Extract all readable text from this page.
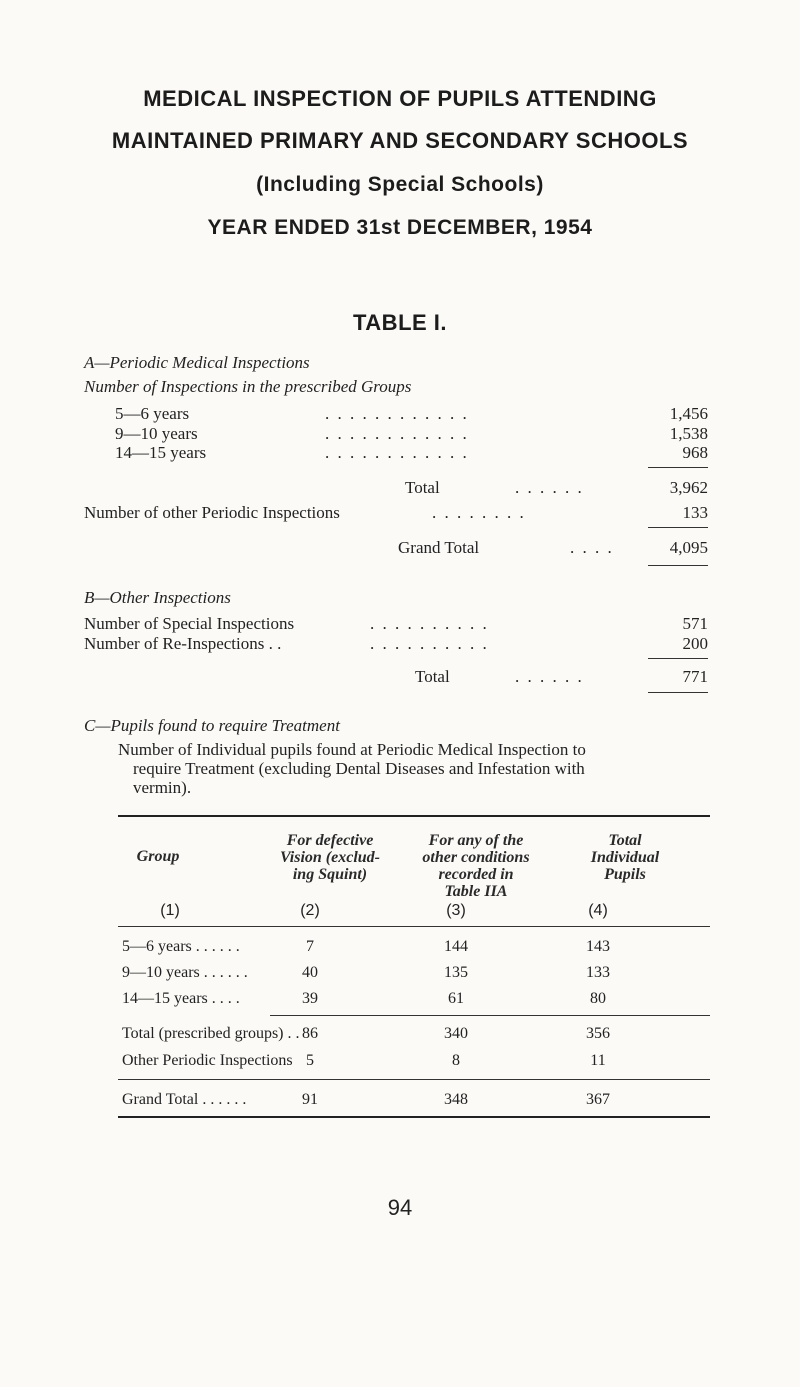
MEDICAL INSPECTION OF PUPILS ATTENDING
MAINTAINED PRIMARY AND SECONDARY SCHOOLS
(Including Special Schools)
YEAR ENDED 31st DECEMBER, 1954
TABLE I.
A—Periodic Medical Inspections
Number of Inspections in the prescribed Groups
5—6 years	. . . . . . . . . . . .	1,456
9—10 years	. . . . . . . . . . . .	1,538
14—15 years	. . . . . . . . . . . .	968
Total	. . . . . .	3,962
Number of other Periodic Inspections	. . . . . . . .	133
Grand Total	. . . .	4,095
B—Other Inspections
Number of Special Inspections	. . . . . . . . . .	571
Number of Re-Inspections . .	. . . . . . . . . .	200
Total	. . . . . .	771
C—Pupils found to require Treatment
Number of Individual pupils found at Periodic Medical Inspection to
require Treatment (excluding Dental Diseases and Infestation with
vermin).
Group
For defective
Vision (exclud-
ing Squint)
For any of the
other conditions
recorded in
Table IIA
Total
Individual
Pupils
(1)	(2)	(3)	(4)
5—6 years . . . . . .	7	144	143
9—10 years . . . . . .	40	135	133
14—15 years . . . .	39	61	80
Total (prescribed groups) . . 86	340	356
Other Periodic Inspections 5	8	11
Grand Total . . . . . .	91	348	367
94
